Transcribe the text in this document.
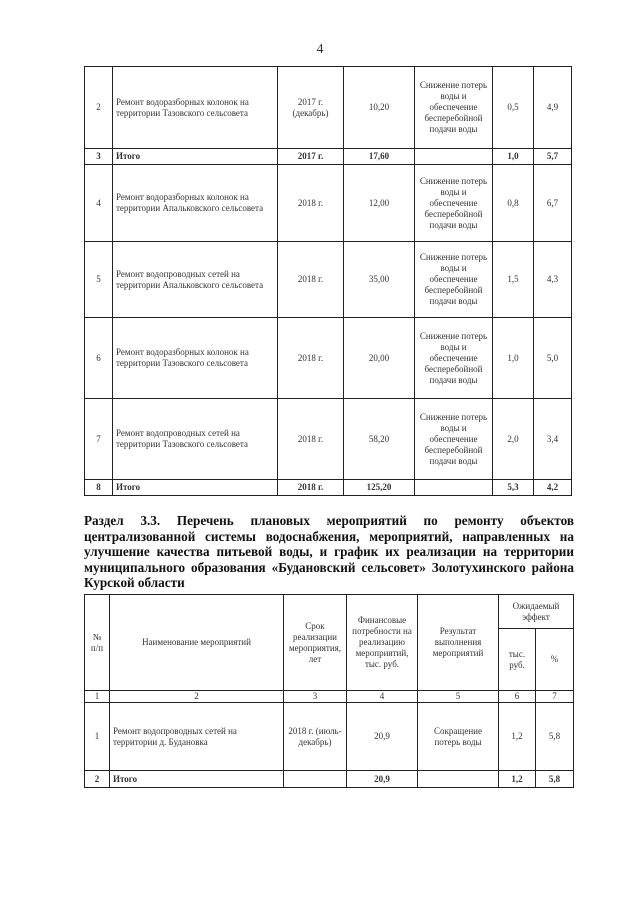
4
2	Ремонт водоразборных колонок на территории Тазовского сельсовета	2017 г. (декабрь)	10,20	Снижение потерь воды и обеспечение бесперебойной подачи воды	0,5	4,9
3	Итого	2017 г.	17,60		1,0	5,7
4	Ремонт водоразборных колонок на территории Апальковского сельсовета	2018 г.	12,00	Снижение потерь воды и обеспечение бесперебойной подачи воды	0,8	6,7
5	Ремонт водопроводных сетей на территории Апальковского сельсовета	2018 г.	35,00	Снижение потерь воды и обеспечение бесперебойной подачи воды	1,5	4,3
6	Ремонт водоразборных колонок на территории Тазовского сельсовета	2018 г.	20,00	Снижение потерь воды и обеспечение бесперебойной подачи воды	1,0	5,0
7	Ремонт водопроводных сетей на территории Тазовского сельсовета	2018 г.	58,20	Снижение потерь воды и обеспечение бесперебойной подачи воды	2,0	3,4
8	Итого	2018 г.	125,20		5,3	4,2
Раздел 3.3. Перечень плановых мероприятий по ремонту объектов централизованной системы водоснабжения, мероприятий, направленных на улучшение качества питьевой воды, и график их реализации на территории муниципального образования «Будановский сельсовет» Золотухинского района Курской области
№ п/п	Наименование мероприятий	Срок реализации мероприятия, лет	Финансовые потребности на реализацию мероприятий, тыс. руб.	Результат выполнения мероприятий	Ожидаемый эффект	
					тыс. руб.	%
1	2	3	4	5	6	7
1	Ремонт водопроводных сетей на территории д. Будановка	2018 г. (июль-декабрь)	20,9	Сокращение потерь воды	1,2	5,8
2	Итого		20,9		1,2	5,8
